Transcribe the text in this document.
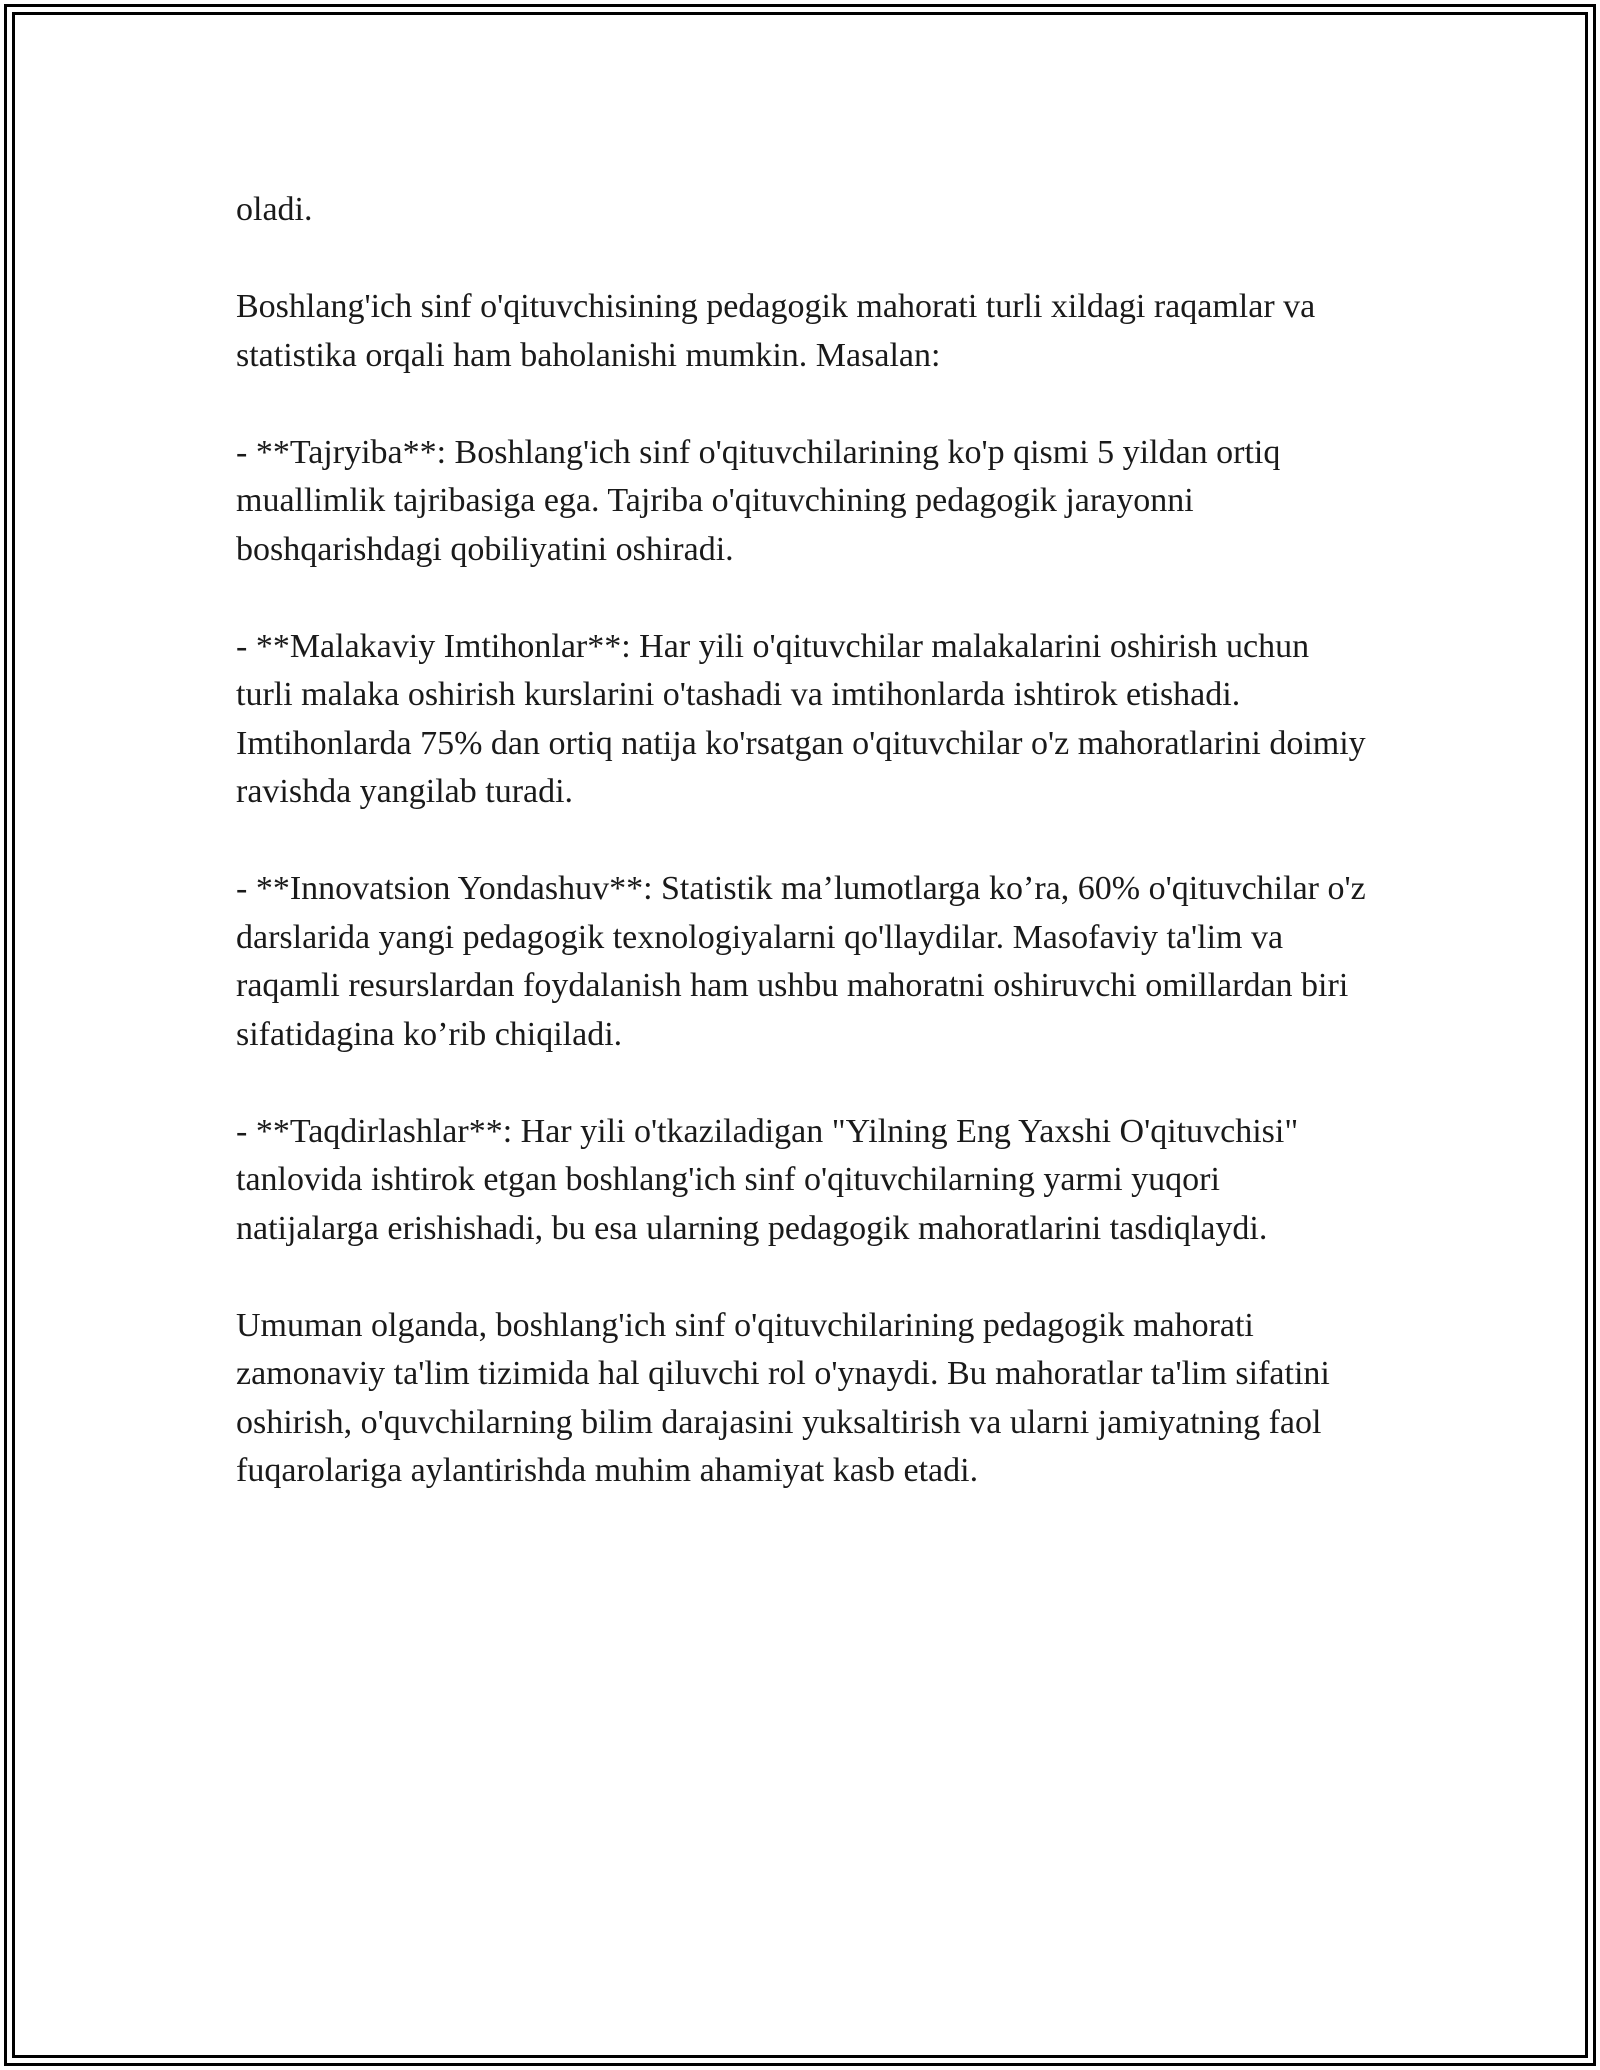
oladi.

Boshlang'ich sinf o'qituvchisining pedagogik mahorati turli xildagi raqamlar va statistika orqali ham baholanishi mumkin. Masalan:

- **Tajryiba**: Boshlang'ich sinf o'qituvchilarining ko'p qismi 5 yildan ortiq muallimlik tajribasiga ega. Tajriba o'qituvchining pedagogik jarayonni boshqarishdagi qobiliyatini oshiradi.

- **Malakaviy Imtihonlar**: Har yili o'qituvchilar malakalarini oshirish uchun turli malaka oshirish kurslarini o'tashadi va imtihonlarda ishtirok etishadi. Imtihonlarda 75% dan ortiq natija ko'rsatgan o'qituvchilar o'z mahoratlarini doimiy ravishda yangilab turadi.

- **Innovatsion Yondashuv**: Statistik ma’lumotlarga ko’ra, 60% o'qituvchilar o'z darslarida yangi pedagogik texnologiyalarni qo'llaydilar. Masofaviy ta'lim va raqamli resurslardan foydalanish ham ushbu mahoratni oshiruvchi omillardan biri sifatidagina ko’rib chiqiladi.

- **Taqdirlashlar**: Har yili o'tkaziladigan "Yilning Eng Yaxshi O'qituvchisi" tanlovida ishtirok etgan boshlang'ich sinf o'qituvchilarning yarmi yuqori natijalarga erishishadi, bu esa ularning pedagogik mahoratlarini tasdiqlaydi.

Umuman olganda, boshlang'ich sinf o'qituvchilarining pedagogik mahorati zamonaviy ta'lim tizimida hal qiluvchi rol o'ynaydi. Bu mahoratlar ta'lim sifatini oshirish, o'quvchilarning bilim darajasini yuksaltirish va ularni jamiyatning faol fuqarolariga aylantirishda muhim ahamiyat kasb etadi.
